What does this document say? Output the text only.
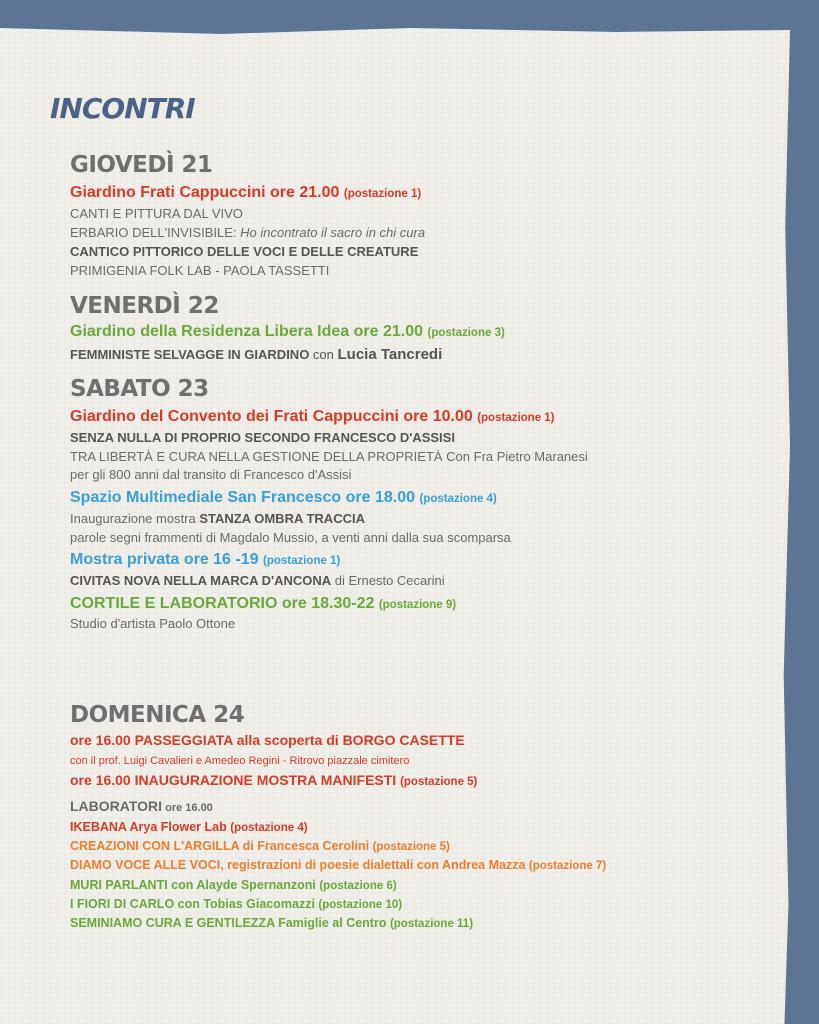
INCONTRI
GIOVEDÌ 21
Giardino Frati Cappuccini ore 21.00 (postazione 1)
CANTI E PITTURA DAL VIVO
ERBARIO DELL'INVISIBILE: Ho incontrato il sacro in chi cura
CANTICO PITTORICO DELLE VOCI E DELLE CREATURE
PRIMIGENIA FOLK LAB - PAOLA TASSETTI
VENERDÌ 22
Giardino della Residenza Libera Idea ore 21.00 (postazione 3)
FEMMINISTE SELVAGGE IN GIARDINO con Lucia Tancredi
SABATO 23
Giardino del Convento dei Frati Cappuccini ore 10.00 (postazione 1)
SENZA NULLA DI PROPRIO SECONDO FRANCESCO D'ASSISI
TRA LIBERTÀ E CURA NELLA GESTIONE DELLA PROPRIETÀ Con Fra Pietro Maranesi
per gli 800 anni dal transito di Francesco d'Assisi
Spazio Multimediale San Francesco ore 18.00 (postazione 4)
Inaugurazione mostra STANZA OMBRA TRACCIA
parole segni frammenti di Magdalo Mussio, a venti anni dalla sua scomparsa
Mostra privata ore 16 -19 (postazione 1)
CIVITAS NOVA NELLA MARCA D'ANCONA di Ernesto Cecarini
CORTILE E LABORATORIO ore 18.30-22 (postazione 9)
Studio d'artista Paolo Ottone
DOMENICA 24
ore 16.00 PASSEGGIATA alla scoperta di BORGO CASETTE
con il prof. Luigi Cavalieri e Amedeo Regini - Ritrovo piazzale cimitero
ore 16.00 INAUGURAZIONE MOSTRA MANIFESTI (postazione 5)
LABORATORI ore 16.00
IKEBANA Arya Flower Lab (postazione 4)
CREAZIONI CON L'ARGILLA di Francesca Cerolini (postazione 5)
DIAMO VOCE ALLE VOCI, registrazioni di poesie dialettali con Andrea Mazza (postazione 7)
MURI PARLANTI con Alayde Spernanzoni (postazione 6)
I FIORI DI CARLO con Tobias Giacomazzi (postazione 10)
SEMINIAMO CURA E GENTILEZZA Famiglie al Centro (postazione 11)
